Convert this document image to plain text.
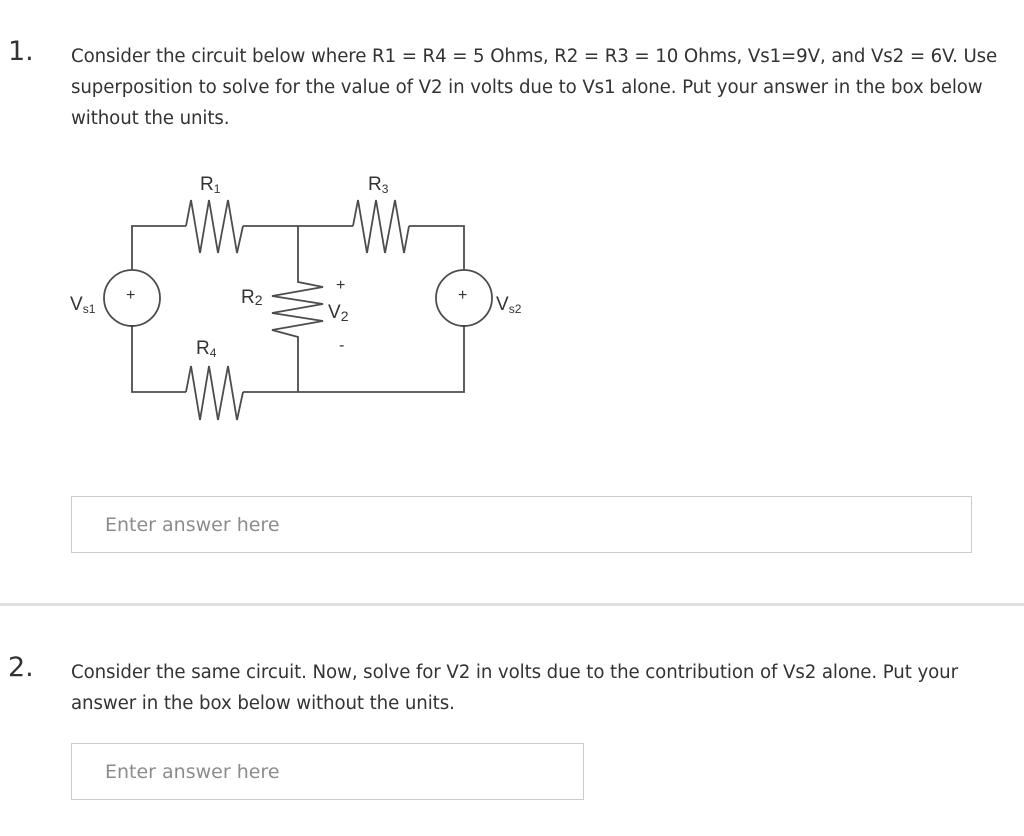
1. Consider the circuit below where R1 = R4 = 5 Ohms, R2 = R3 = 10 Ohms, Vs1=9V, and Vs2 = 6V. Use superposition to solve for the value of V2 in volts due to Vs1 alone. Put your answer in the box below without the units.
+
-
+
-
+
-
R1	R3
R2
R4
Vs1	Vs2
V2
Enter answer here
2. Consider the same circuit. Now, solve for V2 in volts due to the contribution of Vs2 alone. Put your answer in the box below without the units.
Enter answer here
